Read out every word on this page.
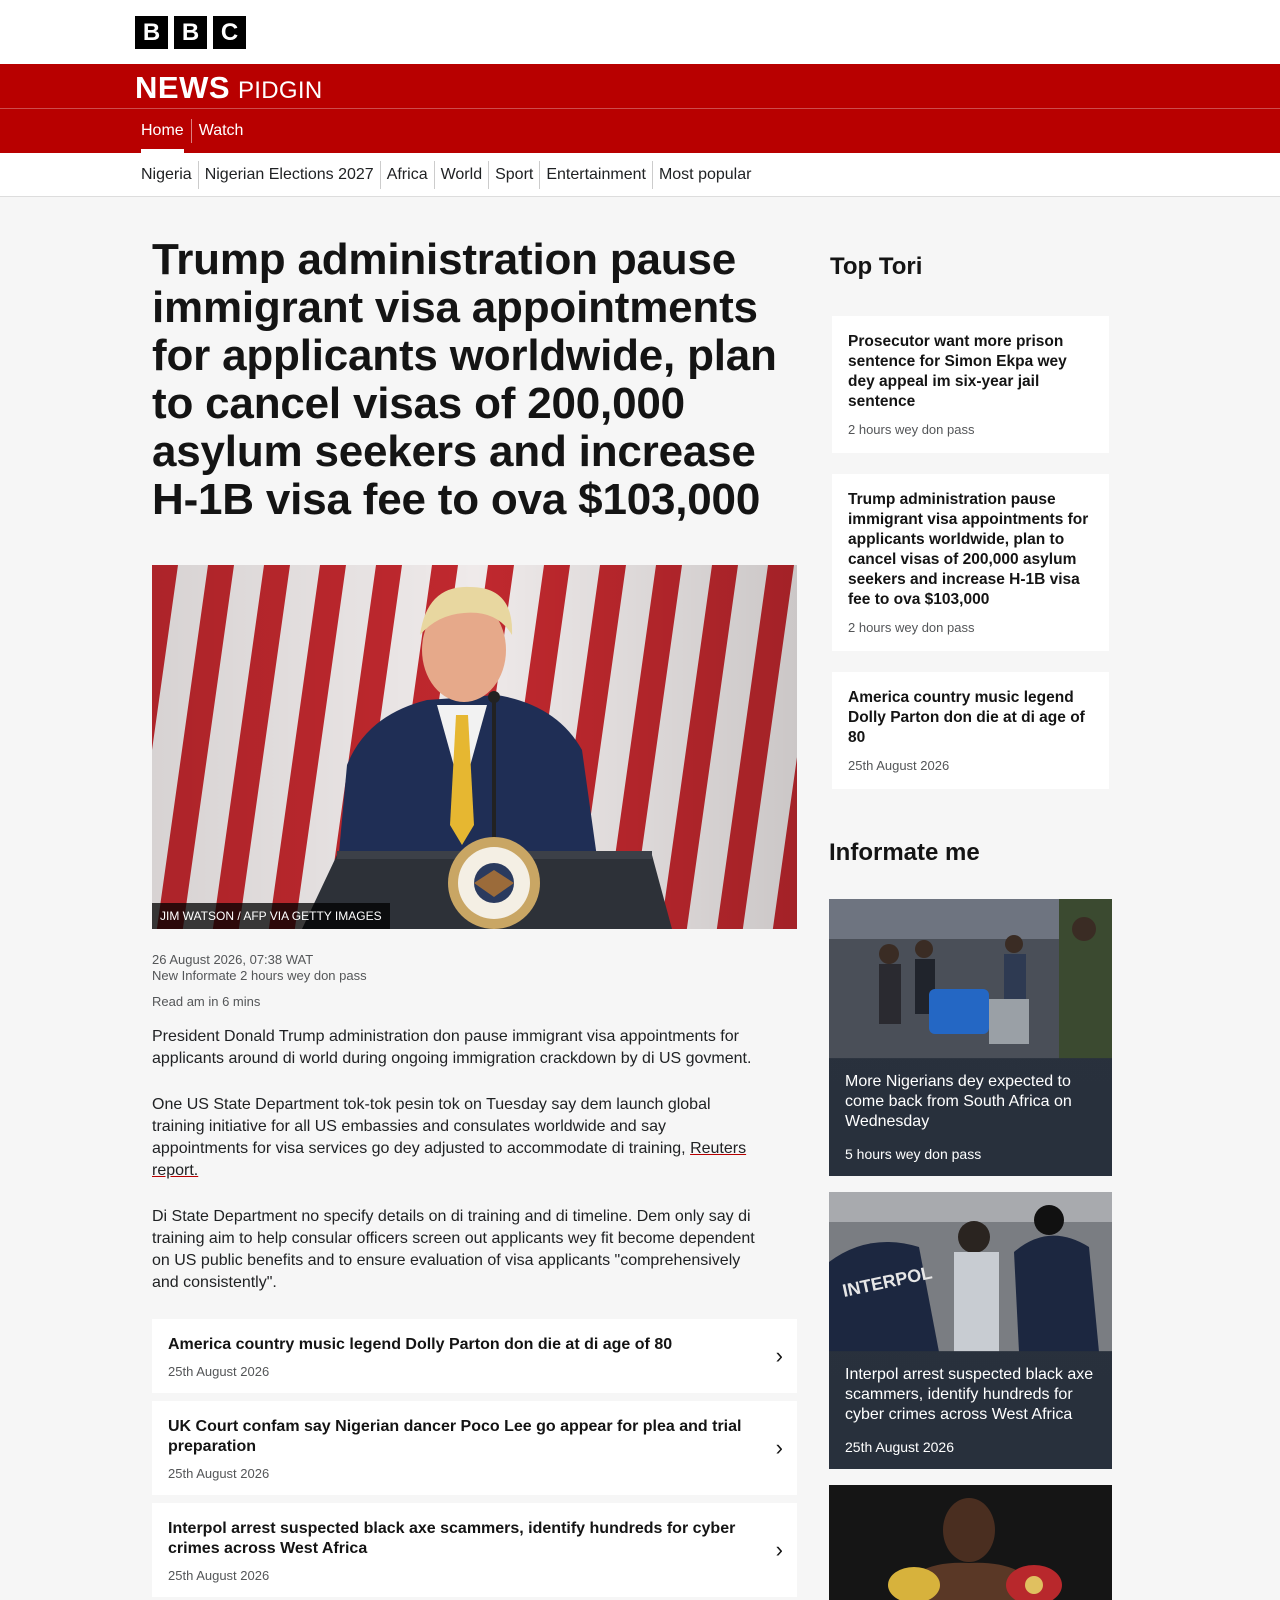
B B C
NEWS PIDGIN
Home Watch
Nigeria Nigerian Elections 2027 Africa World Sport Entertainment Most popular
Trump administration pause immigrant visa appointments for applicants worldwide, plan to cancel visas of 200,000 asylum seekers and increase H-1B visa fee to ova $103,000
JIM WATSON / AFP VIA GETTY IMAGES
26 August 2026, 07:38 WAT
New Informate 2 hours wey don pass
Read am in 6 mins

President Donald Trump administration don pause immigrant visa appointments for applicants around di world during ongoing immigration crackdown by di US govment.

One US State Department tok-tok pesin tok on Tuesday say dem launch global training initiative for all US embassies and consulates worldwide and say appointments for visa services go dey adjusted to accommodate di training, Reuters report.

Di State Department no specify details on di training and di timeline. Dem only say di training aim to help consular officers screen out applicants wey fit become dependent on US public benefits and to ensure evaluation of visa applicants "comprehensively and consistently".

America country music legend Dolly Parton don die at di age of 80
25th August 2026
›
UK Court confam say Nigerian dancer Poco Lee go appear for plea and trial preparation
25th August 2026
›
Interpol arrest suspected black axe scammers, identify hundreds for cyber crimes across West Africa
25th August 2026
›
Top Tori
Prosecutor want more prison sentence for Simon Ekpa wey dey appeal im six-year jail sentence
2 hours wey don pass
Trump administration pause immigrant visa appointments for applicants worldwide, plan to cancel visas of 200,000 asylum seekers and increase H-1B visa fee to ova $103,000
2 hours wey don pass
America country music legend Dolly Parton don die at di age of 80
25th August 2026
Informate me
More Nigerians dey expected to come back from South Africa on Wednesday
5 hours wey don pass
INTERPOL
Interpol arrest suspected black axe scammers, identify hundreds for cyber crimes across West Africa
25th August 2026
